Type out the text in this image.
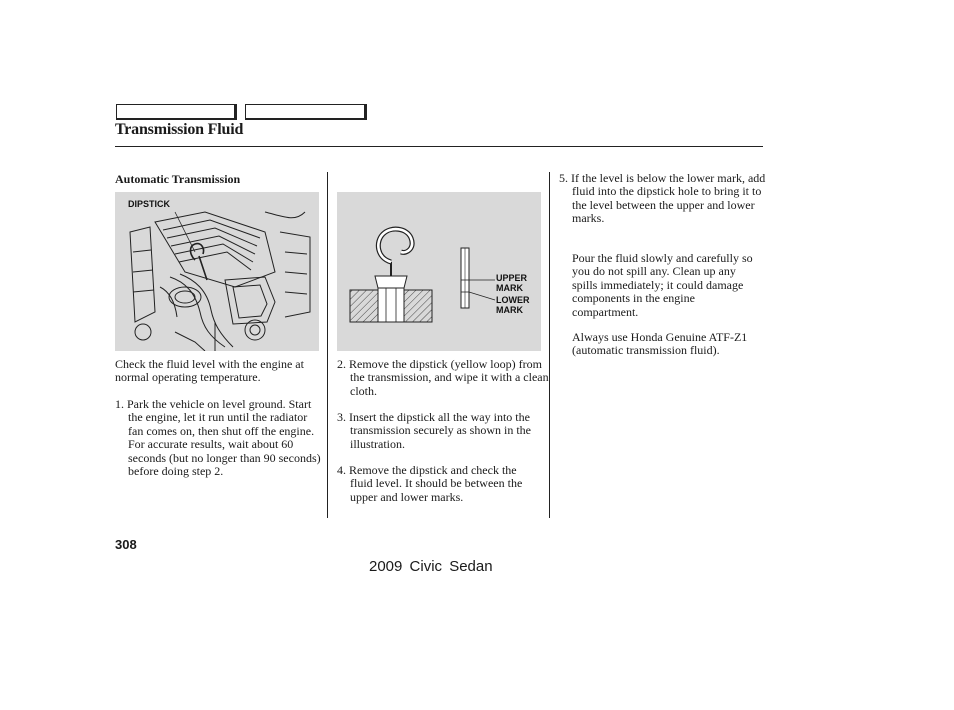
Transmission Fluid
Automatic Transmission
DIPSTICK
Check the fluid level with the engine at normal operating temperature.
1. Park the vehicle on level ground. Start the engine, let it run until the radiator fan comes on, then shut off the engine. For accurate results, wait about 60 seconds (but no longer than 90 seconds) before doing step 2.
UPPER
MARK
LOWER
MARK
2. Remove the dipstick (yellow loop) from the transmission, and wipe it with a clean cloth.
3. Insert the dipstick all the way into the transmission securely as shown in the illustration.
4. Remove the dipstick and check the fluid level. It should be between the upper and lower marks.
5. If the level is below the lower mark, add fluid into the dipstick hole to bring it to the level between the upper and lower marks.
Pour the fluid slowly and carefully so you do not spill any. Clean up any spills immediately; it could damage components in the engine compartment.
Always use Honda Genuine ATF-Z1 (automatic transmission fluid).
308
2009 Civic Sedan
